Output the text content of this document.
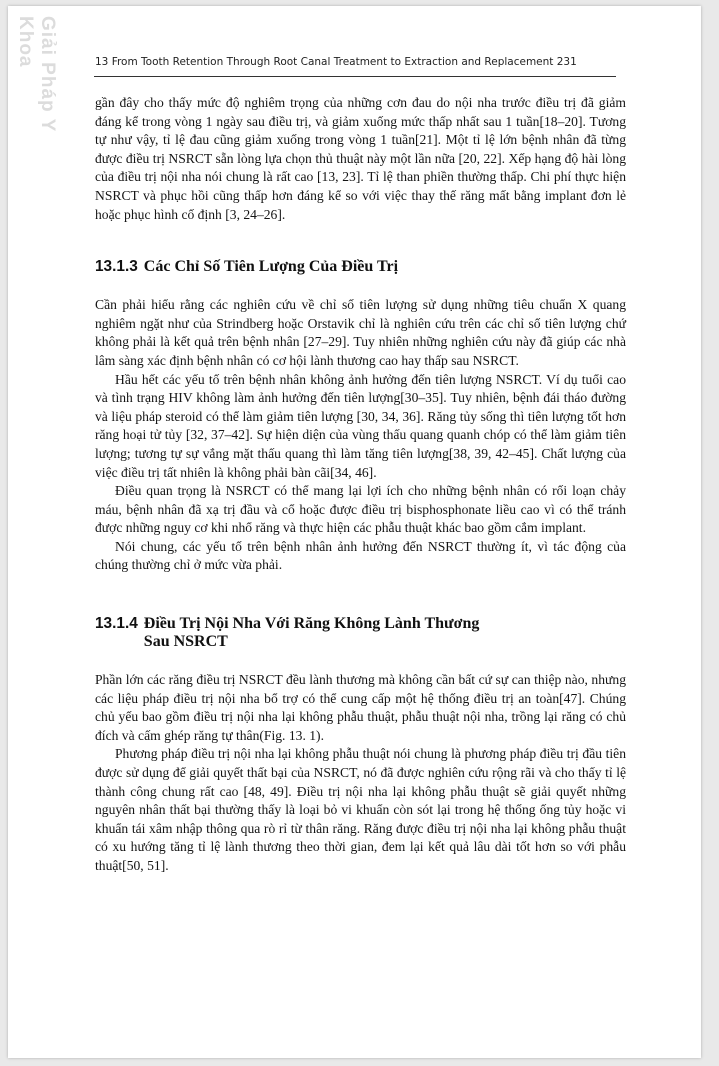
Giải Pháp Y Khoa	13 From Tooth Retention Through Root Canal Treatment to Extraction and Replacement 231

gần đây cho thấy mức độ nghiêm trọng của những cơn đau do nội nha trước điều trị đã giảm đáng kể trong vòng 1 ngày sau điều trị, và giảm xuống mức thấp nhất sau 1 tuần[18–20]. Tương tự như vậy, tỉ lệ đau cũng giảm xuống trong vòng 1 tuần[21]. Một tỉ lệ lớn bệnh nhân đã từng được điều trị NSRCT sẵn lòng lựa chọn thủ thuật này một lần nữa [20, 22]. Xếp hạng độ hài lòng của điều trị nội nha nói chung là rất cao [13, 23]. Tỉ lệ than phiền thường thấp. Chi phí thực hiện NSRCT và phục hồi cũng thấp hơn đáng kể so với việc thay thế răng mất bằng implant đơn lẻ hoặc phục hình cố định [3, 24–26].

13.1.3 Các Chỉ Số Tiên Lượng Của Điều Trị

Cần phải hiểu rằng các nghiên cứu về chỉ số tiên lượng sử dụng những tiêu chuẩn X quang nghiêm ngặt như của Strindberg hoặc Orstavik chỉ là nghiên cứu trên các chỉ số tiên lượng chứ không phải là kết quả trên bệnh nhân [27–29]. Tuy nhiên những nghiên cứu này đã giúp các nhà lâm sàng xác định bệnh nhân có cơ hội lành thương cao hay thấp sau NSRCT.

Hầu hết các yếu tố trên bệnh nhân không ảnh hưởng đến tiên lượng NSRCT. Ví dụ tuổi cao và tình trạng HIV không làm ảnh hưởng đến tiên lượng[30–35]. Tuy nhiên, bệnh đái tháo đường và liệu pháp steroid có thể làm giảm tiên lượng [30, 34, 36]. Răng tủy sống thì tiên lượng tốt hơn răng hoại tử tủy [32, 37–42]. Sự hiện diện của vùng thấu quang quanh chóp có thể làm giảm tiên lượng; tương tự sự vắng mặt thấu quang thì làm tăng tiên lượng[38, 39, 42–45]. Chất lượng của việc điều trị tất nhiên là không phải bàn cãi[34, 46].

Điều quan trọng là NSRCT có thể mang lại lợi ích cho những bệnh nhân có rối loạn chảy máu, bệnh nhân đã xạ trị đầu và cổ hoặc được điều trị bisphosphonate liều cao vì có thể tránh được những nguy cơ khi nhổ răng và thực hiện các phẫu thuật khác bao gồm cắm implant.

Nói chung, các yếu tố trên bệnh nhân ảnh hưởng đến NSRCT thường ít, vì tác động của chúng thường chỉ ở mức vừa phải.

13.1.4 Điều Trị Nội Nha Với Răng Không Lành Thương Sau NSRCT

Phần lớn các răng điều trị NSRCT đều lành thương mà không cần bất cứ sự can thiệp nào, nhưng các liệu pháp điều trị nội nha bổ trợ có thể cung cấp một hệ thống điều trị an toàn[47]. Chúng chủ yếu bao gồm điều trị nội nha lại không phẫu thuật, phẫu thuật nội nha, trồng lại răng có chủ đích và cấm ghép răng tự thân(Fig. 13. 1).

Phương pháp điều trị nội nha lại không phẫu thuật nói chung là phương pháp điều trị đầu tiên được sử dụng để giải quyết thất bại của NSRCT, nó đã được nghiên cứu rộng rãi và cho thấy tỉ lệ thành công chung rất cao [48, 49]. Điều trị nội nha lại không phẫu thuật sẽ giải quyết những nguyên nhân thất bại thường thấy là loại bỏ vi khuẩn còn sót lại trong hệ thống ống tủy hoặc vi khuẩn tái xâm nhập thông qua rò rỉ từ thân răng. Răng được điều trị nội nha lại không phẫu thuật có xu hướng tăng tỉ lệ lành thương theo thời gian, đem lại kết quả lâu dài tốt hơn so với phẫu thuật[50, 51].
